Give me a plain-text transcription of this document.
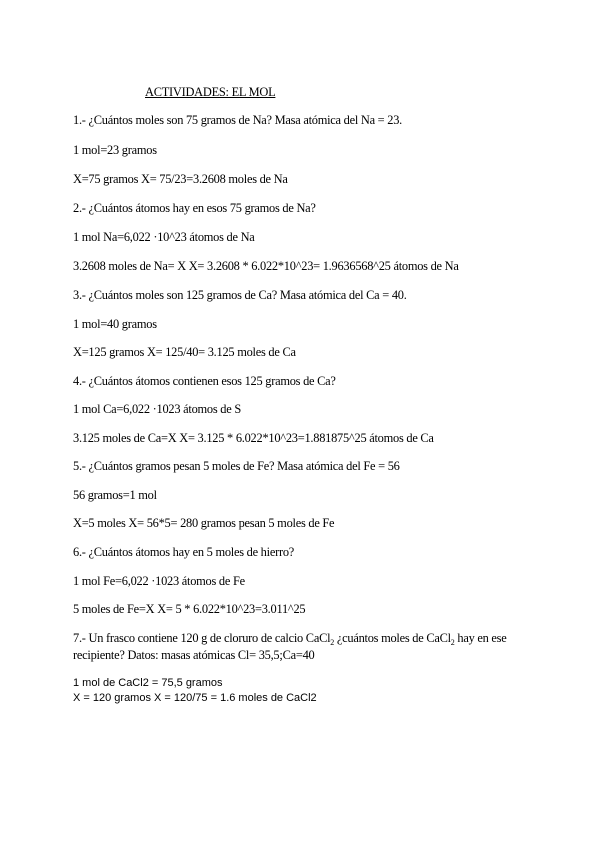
ACTIVIDADES: EL MOL
1.- ¿Cuántos moles son 75 gramos de Na? Masa atómica del Na = 23.
1 mol=23 gramos
X=75 gramos X= 75/23=3.2608 moles de Na
2.- ¿Cuántos átomos hay en esos 75 gramos de Na?
1 mol Na=6,022 ·10^23 átomos de Na
3.2608 moles de Na= X X= 3.2608 * 6.022*10^23= 1.9636568^25 átomos de Na
3.- ¿Cuántos moles son 125 gramos de Ca? Masa atómica del Ca = 40.
1 mol=40 gramos
X=125 gramos X= 125/40= 3.125 moles de Ca
4.- ¿Cuántos átomos contienen esos 125 gramos de Ca?
1 mol Ca=6,022 ·1023 átomos de S
3.125 moles de Ca=X X= 3.125 * 6.022*10^23=1.881875^25 átomos de Ca
5.- ¿Cuántos gramos pesan 5 moles de Fe? Masa atómica del Fe = 56
56 gramos=1 mol
X=5 moles X= 56*5= 280 gramos pesan 5 moles de Fe
6.- ¿Cuántos átomos hay en 5 moles de hierro?
1 mol Fe=6,022 ·1023 átomos de Fe
5 moles de Fe=X X= 5 * 6.022*10^23=3.011^25
7.- Un frasco contiene 120 g de cloruro de calcio CaCl$_2$ ¿cuántos moles de CaCl$_2$ hay en ese
recipiente? Datos: masas atómicas Cl= 35,5;Ca=40
1 mol de CaCl2 = 75,5 gramos
X = 120 gramos X = 120/75 = 1.6 moles de CaCl2
